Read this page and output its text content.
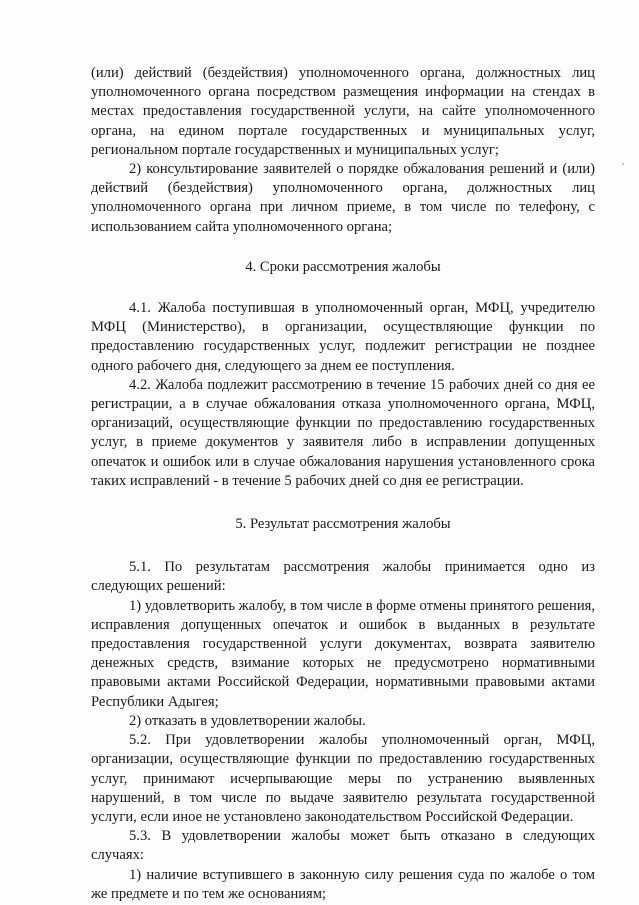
(или) действий (бездействия) уполномоченного органа, должностных лиц уполномоченного органа посредством размещения информации на стендах в местах предоставления государственной услуги, на сайте уполномоченного органа, на едином портале государственных и муниципальных услуг, региональном портале государственных и муниципальных услуг;

2) консультирование заявителей о порядке обжалования решений и (или) действий (бездействия) уполномоченного органа, должностных лиц уполномоченного органа при личном приеме, в том числе по телефону, с использованием сайта уполномоченного органа;

4. Сроки рассмотрения жалобы

4.1. Жалоба поступившая в уполномоченный орган, МФЦ, учредителю МФЦ (Министерство), в организации, осуществляющие функции по предоставлению государственных услуг, подлежит регистрации не позднее одного рабочего дня, следующего за днем ее поступления.

4.2. Жалоба подлежит рассмотрению в течение 15 рабочих дней со дня ее регистрации, а в случае обжалования отказа уполномоченного органа, МФЦ, организаций, осуществляющие функции по предоставлению государственных услуг, в приеме документов у заявителя либо в исправлении допущенных опечаток и ошибок или в случае обжалования нарушения установленного срока таких исправлений - в течение 5 рабочих дней со дня ее регистрации.

5. Результат рассмотрения жалобы

5.1. По результатам рассмотрения жалобы принимается одно из следующих решений:

1) удовлетворить жалобу, в том числе в форме отмены принятого решения, исправления допущенных опечаток и ошибок в выданных в результате предоставления государственной услуги документах, возврата заявителю денежных средств, взимание которых не предусмотрено нормативными правовыми актами Российской Федерации, нормативными правовыми актами Республики Адыгея;

2) отказать в удовлетворении жалобы.

5.2. При удовлетворении жалобы уполномоченный орган, МФЦ, организации, осуществляющие функции по предоставлению государственных услуг, принимают исчерпывающие меры по устранению выявленных нарушений, в том числе по выдаче заявителю результата государственной услуги, если иное не установлено законодательством Российской Федерации.

5.3. В удовлетворении жалобы может быть отказано в следующих случаях:

1) наличие вступившего в законную силу решения суда по жалобе о том же предмете и по тем же основаниям;
